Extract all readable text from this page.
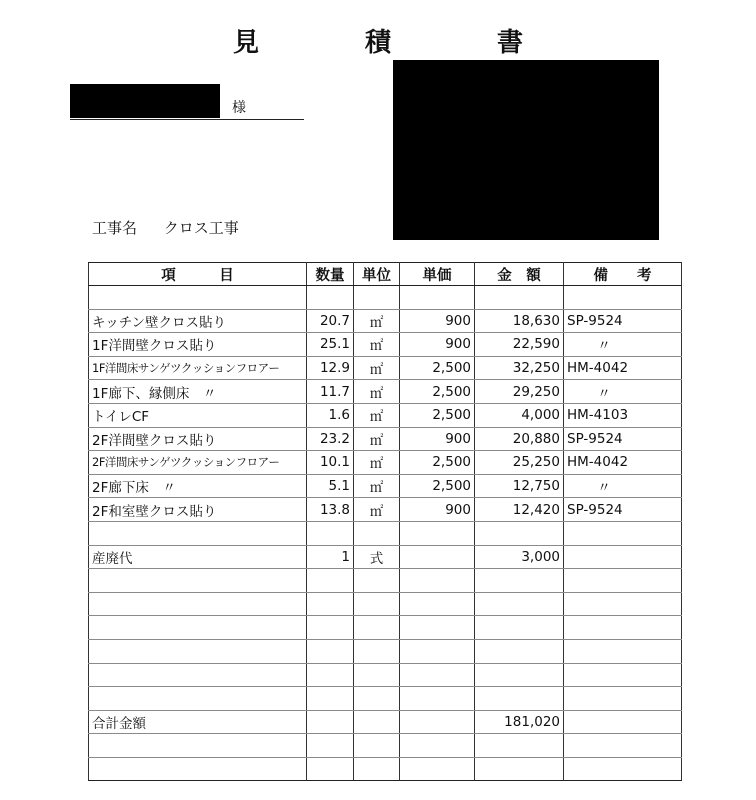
見　積　書
様
工事名 クロス工事
項　　　目	数量	単位	単価	金　額	備　　考

キッチン壁クロス貼り	20.7	㎡	900	18,630	SP-9524
1F洋間壁クロス貼り	25.1	㎡	900	22,590	〃
1F洋間床サンゲツクッションフロアー	12.9	㎡	2,500	32,250	HM-4042
1F廊下、縁側床　〃	11.7	㎡	2,500	29,250	〃
トイレCF	1.6	㎡	2,500	4,000	HM-4103
2F洋間壁クロス貼り	23.2	㎡	900	20,880	SP-9524
2F洋間床サンゲツクッションフロアー	10.1	㎡	2,500	25,250	HM-4042
2F廊下床　〃	5.1	㎡	2,500	12,750	〃
2F和室壁クロス貼り	13.8	㎡	900	12,420	SP-9524

産廃代	1	式		3,000	

合計金額				181,020	
